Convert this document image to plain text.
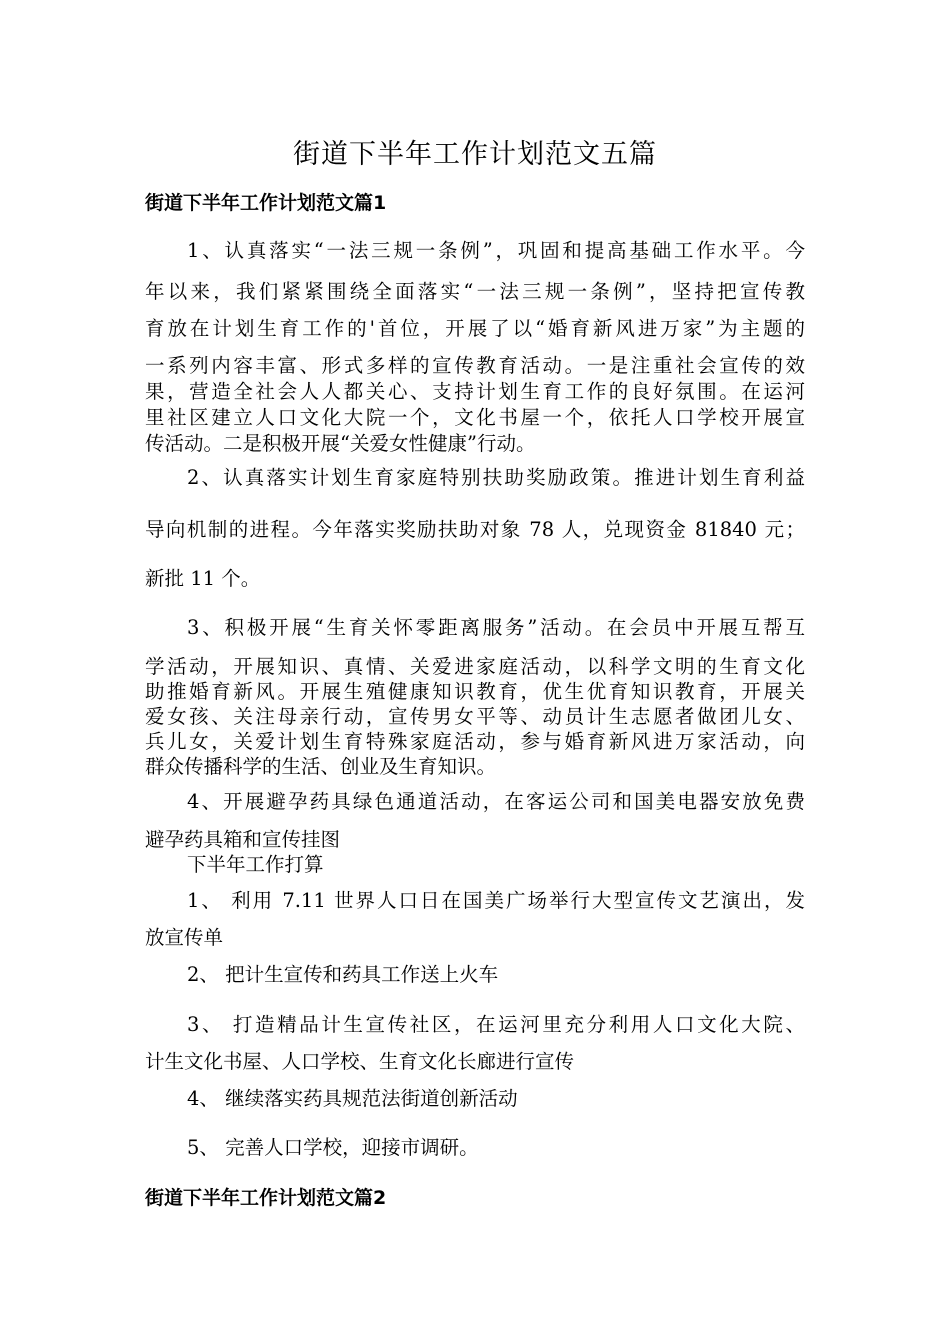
街道下半年工作计划范文五篇
街道下半年工作计划范文篇1

1、认真落实“一法三规一条例”，巩固和提高基础工作水平。今

年以来，我们紧紧围绕全面落实“一法三规一条例”，坚持把宣传教

育放在计划生育工作的'首位，开展了以“婚育新风进万家”为主题的

一系列内容丰富、形式多样的宣传教育活动。一是注重社会宣传的效

果，营造全社会人人都关心、支持计划生育工作的良好氛围。在运河

里社区建立人口文化大院一个，文化书屋一个，依托人口学校开展宣

传活动。二是积极开展“关爱女性健康”行动。

2、认真落实计划生育家庭特别扶助奖励政策。推进计划生育利益

导向机制的进程。今年落实奖励扶助对象 78 人，兑现资金 81840 元；

新批 11 个。

3、积极开展“生育关怀零距离服务”活动。在会员中开展互帮互

学活动，开展知识、真情、关爱进家庭活动，以科学文明的生育文化

助推婚育新风。开展生殖健康知识教育，优生优育知识教育，开展关

爱女孩、关注母亲行动，宣传男女平等、动员计生志愿者做团儿女、

兵儿女，关爱计划生育特殊家庭活动，参与婚育新风进万家活动，向

群众传播科学的生活、创业及生育知识。

4、开展避孕药具绿色通道活动，在客运公司和国美电器安放免费

避孕药具箱和宣传挂图

下半年工作打算

1、 利用 7.11 世界人口日在国美广场举行大型宣传文艺演出，发

放宣传单

2、 把计生宣传和药具工作送上火车

3、 打造精品计生宣传社区，在运河里充分利用人口文化大院、

计生文化书屋、人口学校、生育文化长廊进行宣传

4、 继续落实药具规范法街道创新活动

5、 完善人口学校，迎接市调研。

街道下半年工作计划范文篇2
